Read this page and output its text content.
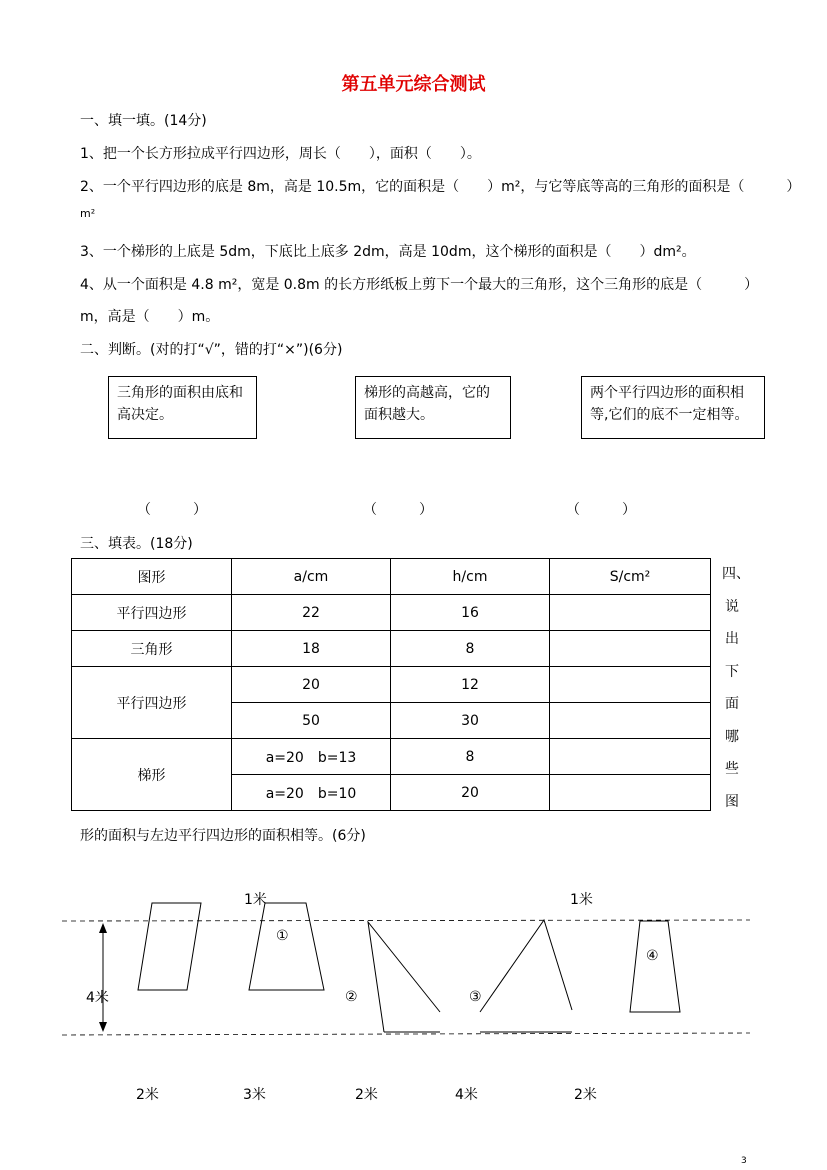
第五单元综合测试
一、填一填。(14分)
1、把一个长方形拉成平行四边形，周长（　　），面积（　　）。
2、一个平行四边形的底是 8m，高是 10.5m，它的面积是（　　）m²，与它等底等高的三角形的面积是（　　　）
m²
3、一个梯形的上底是 5dm，下底比上底多 2dm，高是 10dm，这个梯形的面积是（　　）dm²。
4、从一个面积是 4.8 m²，宽是 0.8m 的长方形纸板上剪下一个最大的三角形，这个三角形的底是（　　　）
m，高是（　　）m。
二、判断。(对的打“√”，错的打“×”)(6分)
三角形的面积由底和高决定。
梯形的高越高，它的面积越大。
两个平行四边形的面积相等,它们的底不一定相等。
（　　　）	（　　　）	（　　　）
三、填表。(18分)
图形	a/cm	h/cm	S/cm²
平行四边形	22	16	
三角形	18	8	
平行四边形	20	12	
	50	30	
梯形	a=20　b=13	8	
	a=20　b=10	20	
四、
说
出
下
面
哪
些
图
形的面积与左边平行四边形的面积相等。(6分)
1米	1米
4米
①
②	③
④
2米	3米	2米	4米	2米
3
